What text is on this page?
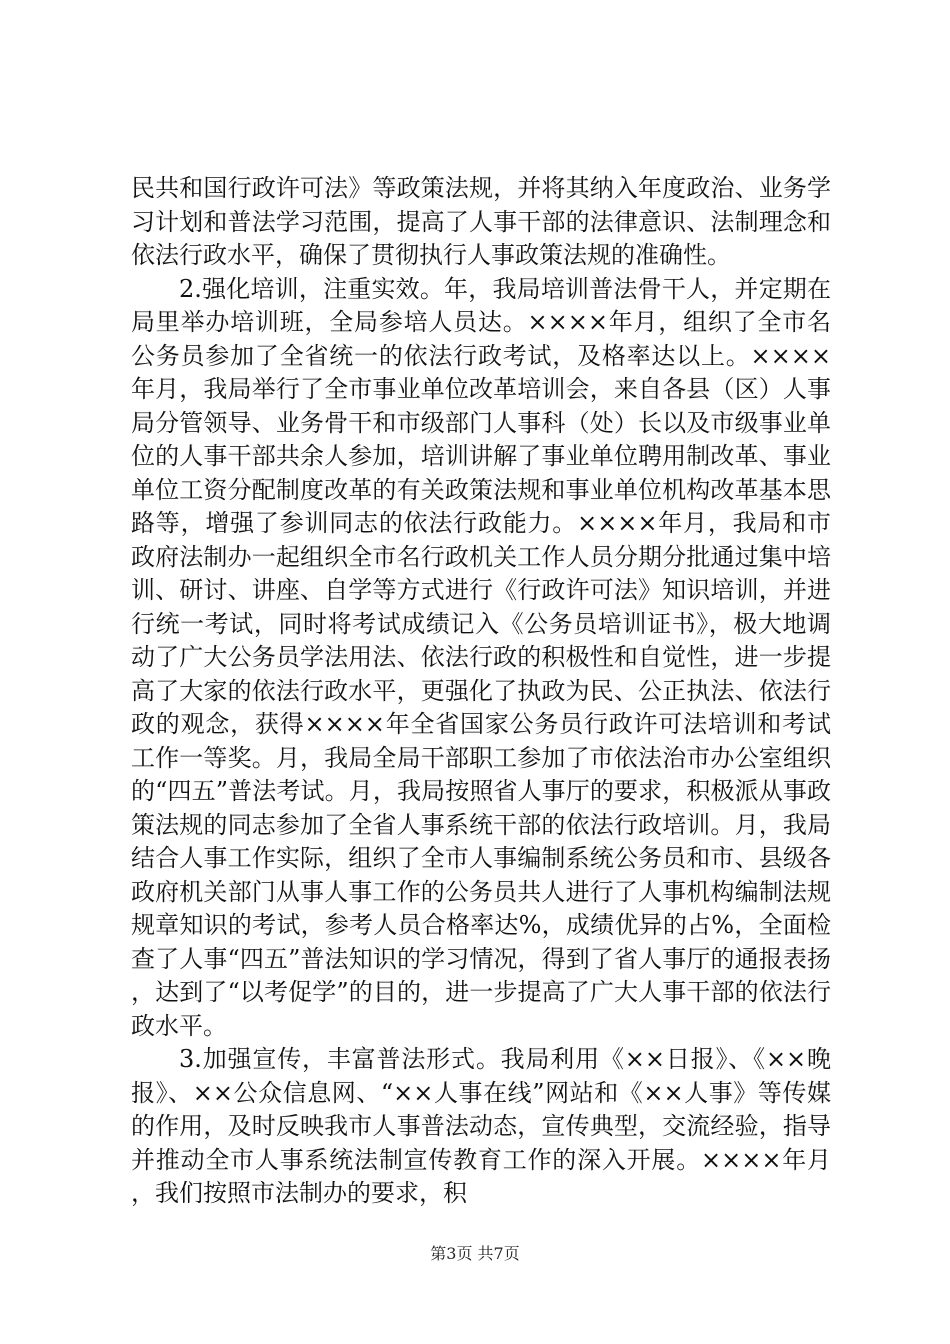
民共和国行政许可法》等政策法规，并将其纳入年度政治、业务学习计划和普法学习范围，提高了人事干部的法律意识、法制理念和依法行政水平，确保了贯彻执行人事政策法规的准确性。

2.强化培训，注重实效。年，我局培训普法骨干人，并定期在局里举办培训班，全局参培人员达。××××年月，组织了全市名公务员参加了全省统一的依法行政考试，及格率达以上。××××年月，我局举行了全市事业单位改革培训会，来自各县（区）人事局分管领导、业务骨干和市级部门人事科（处）长以及市级事业单位的人事干部共余人参加，培训讲解了事业单位聘用制改革、事业单位工资分配制度改革的有关政策法规和事业单位机构改革基本思路等，增强了参训同志的依法行政能力。××××年月，我局和市政府法制办一起组织全市名行政机关工作人员分期分批通过集中培训、研讨、讲座、自学等方式进行《行政许可法》知识培训，并进行统一考试，同时将考试成绩记入《公务员培训证书》，极大地调动了广大公务员学法用法、依法行政的积极性和自觉性，进一步提高了大家的依法行政水平，更强化了执政为民、公正执法、依法行政的观念，获得××××年全省国家公务员行政许可法培训和考试工作一等奖。月，我局全局干部职工参加了市依法治市办公室组织的“四五”普法考试。月，我局按照省人事厅的要求，积极派从事政策法规的同志参加了全省人事系统干部的依法行政培训。月，我局结合人事工作实际，组织了全市人事编制系统公务员和市、县级各政府机关部门从事人事工作的公务员共人进行了人事机构编制法规规章知识的考试，参考人员合格率达%，成绩优异的占%，全面检查了人事“四五”普法知识的学习情况，得到了省人事厅的通报表扬，达到了“以考促学”的目的，进一步提高了广大人事干部的依法行政水平。

3.加强宣传，丰富普法形式。我局利用《××日报》、《××晚报》、××公众信息网、“××人事在线”网站和《××人事》等传媒的作用，及时反映我市人事普法动态，宣传典型，交流经验，指导并推动全市人事系统法制宣传教育工作的深入开展。××××年月，我们按照市法制办的要求，积

第3页 共7页
